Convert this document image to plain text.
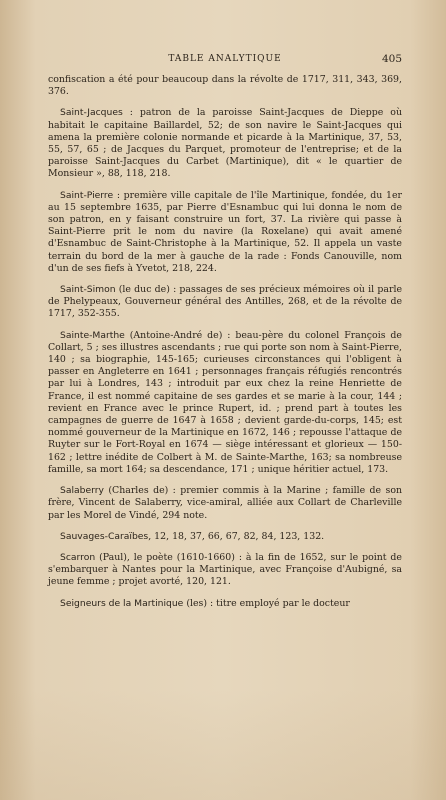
TABLE ANALYTIQUE	405

confiscation a été pour beaucoup dans la révolte de 1717, 311, 343, 369, 376.

Saint-Jacques : patron de la paroisse Saint-Jacques de Dieppe où habitait le capitaine Baillardel, 52; de son navire le Saint-Jacques qui amena la première colonie normande et picarde à la Martinique, 37, 53, 55, 57, 65 ; de Jacques du Parquet, promoteur de l'entreprise; et de la paroisse Saint-Jacques du Carbet (Martinique), dit « le quartier de Monsieur », 88, 118, 218.

Saint-Pierre : première ville capitale de l'île Martinique, fondée, du 1er au 15 septembre 1635, par Pierre d'Esnambuc qui lui donna le nom de son patron, en y faisant construire un fort, 37. La rivière qui passe à Saint-Pierre prit le nom du navire (la Roxelane) qui avait amené d'Esnambuc de Saint-Christophe à la Martinique, 52. Il appela un vaste terrain du bord de la mer à gauche de la rade : Fonds Canouville, nom d'un de ses fiefs à Yvetot, 218, 224.

Saint-Simon (le duc de) : passages de ses précieux mémoires où il parle de Phelypeaux, Gouverneur général des Antilles, 268, et de la révolte de 1717, 352-355.

Sainte-Marthe (Antoine-André de) : beau-père du colonel François de Collart, 5 ; ses illustres ascendants ; rue qui porte son nom à Saint-Pierre, 140 ; sa biographie, 145-165; curieuses circonstances qui l'obligent à passer en Angleterre en 1641 ; personnages français réfugiés rencontrés par lui à Londres, 143 ; introduit par eux chez la reine Henriette de France, il est nommé capitaine de ses gardes et se marie à la cour, 144 ; revient en France avec le prince Rupert, id. ; prend part à toutes les campagnes de guerre de 1647 à 1658 ; devient garde-du-corps, 145; est nommé gouverneur de la Martinique en 1672, 146 ; repousse l'attaque de Ruyter sur le Fort-Royal en 1674 — siège intéressant et glorieux — 150-162 ; lettre inédite de Colbert à M. de Sainte-Marthe, 163; sa nombreuse famille, sa mort 164; sa descendance, 171 ; unique héritier actuel, 173.

Salaberry (Charles de) : premier commis à la Marine ; famille de son frère, Vincent de Salaberry, vice-amiral, alliée aux Collart de Charleville par les Morel de Vindé, 294 note.

Sauvages-Caraïbes, 12, 18, 37, 66, 67, 82, 84, 123, 132.

Scarron (Paul), le poète (1610-1660) : à la fin de 1652, sur le point de s'embarquer à Nantes pour la Martinique, avec Françoise d'Aubigné, sa jeune femme ; projet avorté, 120, 121.

Seigneurs de la Martinique (les) : titre employé par le docteur
